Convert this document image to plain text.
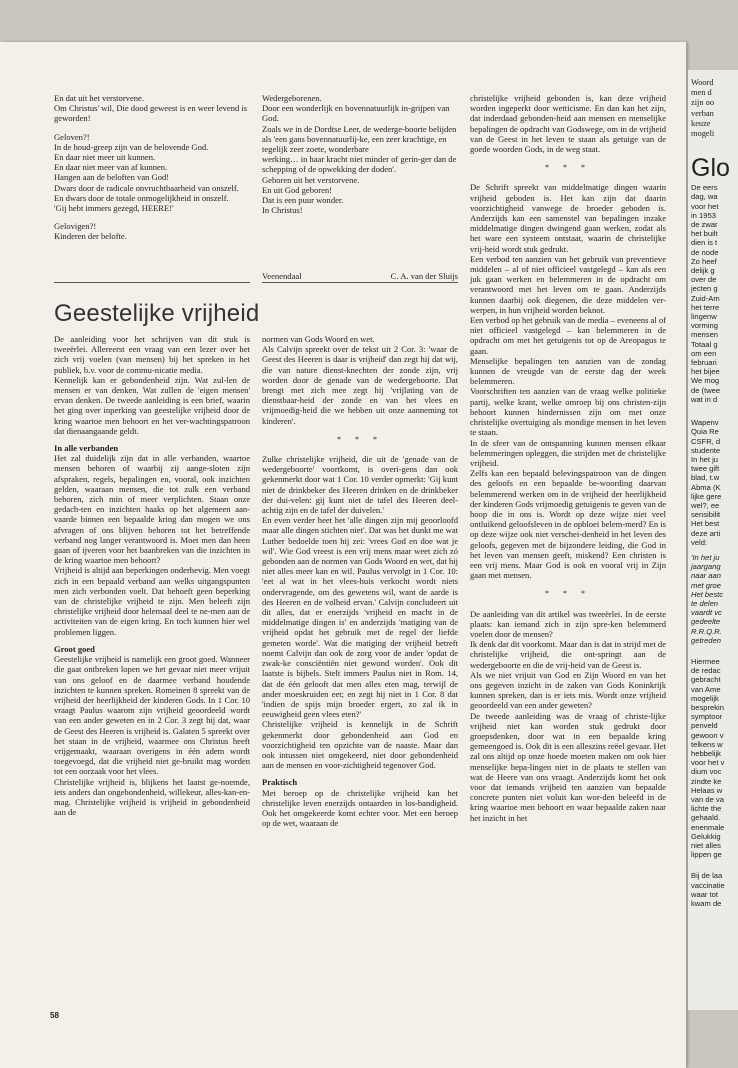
Woord

men d

zijn oo

verban

keuze

mogeli

Glo

De eers

dag, wa

voor het

in 1953

de zwar

het built

dien is t

de node

Zo heef

delijk g

over de

jecten g

Zuid-Am

het terre

lingenw

vorming

mensen

Totaal g

om een

februari

het bijee

We mog

de (twee

wat in d

Wapenv

Quia Re

CSFR, d

studente

In het ju

twee gift

blad, t.w

Abma (K

lijke gere

wel?, ee

sensibilit

Het best

deze arti

veld:

'In het ju

jaargang

naar aan

met groe

Het bestc

te delen

vaardt vc

gedeelte

R.R.Q.R.

getreden

Hiermee

de redac

gebracht

van Ame

mogelijk

besprekin

symptoor

penveld

gewoon v

telkens w

hebbelijk

voor het v

dium voc

zindte ke

Helaas w

van de va

lichte the

gehaald.

enenmale

Gelukkig

niet alles

lippen ge

Bij de laa

vaccinatie

waar tot

kwam de

En dat uit het verstorvene.

Om Christus' wil, Die dood geweest is en weer levend is geworden!

Geloven?!

In de houd-greep zijn van de belovende God.

En daar niet meer uit kunnen.

En daar niet meer van af kunnen.

Hangen aan de beloften van God!

Dwars door de radicale onvruchtbaarheid van onszelf.

En dwars door de totale onmogelijkheid in onszelf.

'Gij hebt immers gezegd, HEERE!'

Gelovigen?!

Kinderen der belofte.

Wedergeborenen.

Door een wonderlijk en bovennatuurlijk in-grijpen van God.

Zoals we in de Dordtse Leer, de wederge-boorte belijden als 'een gans bovennatuurlij-ke, een zeer krachtige, en tegelijk zeer zoete, wonderbare

werking… in haar kracht niet minder of gerin-ger dan de schepping of de opwekking der doden'.

Geboren uit het verstorvene.

En uit God geboren!

Dat is een puur wonder.

In Christus!

Veenendaal	C. A. van der Sluijs
Geestelijke vrijheid

De aanleiding voor het schrijven van dit stuk is tweeërlei. Allereerst een vraag van een lezer over het zich vrij voelen (van mensen) bij het spreken in het publiek, b.v. voor de commu-nicatie media.

Kennelijk kan er gebondenheid zijn. Wat zul-len de mensen er van denken. Wat zullen de 'eigen mensen' ervan denken. De tweede aanleiding is een brief, waarin het ging over inperking van geestelijke vrijheid door de kring waartoe men behoort en het ver-wachtingspatroon dat dienaangaande geldt.

In alle verbanden

Het zal duidelijk zijn dat in alle verbanden, waartoe mensen behoren of waarbij zij aange-sloten zijn afspraken, regels, bepalingen en, vooral, ook inzichten gelden, waaraan mensen, die tot zulk een verband behoren, zich min of meer verplichten. Staan onze gedach-ten en inzichten haaks op het algemeen aan-vaarde binnen een bepaalde kring dan mogen we ons afvragen of ons blijven behoren tot het betreffende verband nog langer verantwoord is. Moet men dan heen gaan of ijveren voor het baanbreken van die inzichten in de kring waartoe men behoort?

Vrijheid is altijd aan beperkingen onderhevig. Men voegt zich in een bepaald verband aan welks uitgangspunten men zich verbonden voelt. Dat behoeft geen beperking van de christelijke vrijheid te zijn. Men beleeft zijn christelijke vrijheid door helemaal deel te ne-men aan de activiteiten van de eigen kring. En toch kunnen hier wel problemen liggen.

Groot goed

Geestelijke vrijheid is namelijk een groot goed. Wanneer die gaat ontbreken lopen we het gevaar niet meer vrijuit van ons geloof en de daarmee verband houdende inzichten te kunnen spreken. Romeinen 8 spreekt van de vrijheid der heerlijkheid der kinderen Gods. In 1 Cor. 10 vraagt Paulus waarom zijn vrijheid geoordeeld wordt van een ander geweten en in 2 Cor. 3 zegt hij dat, waar de Geest des Heeren is vrijheid is. Galaten 5 spreekt over het staan in de vrijheid, waarmee ons Christus heeft vrijgemaakt, waaraan overigens in één adem wordt toegevoegd, dat die vrijheid niet ge-bruikt mag worden tot een oorzaak voor het vlees.

Christelijke vrijheid is, blijkens het laatst ge-noemde, iets anders dan ongebondenheid, willekeur, alles-kan-en-mag. Christelijke vrijheid is vrijheid in gebondenheid aan de

normen van Gods Woord en wet.

Als Calvijn spreekt over de tekst uit 2 Cor. 3: 'waar de Geest des Heeren is daar is vrijheid' dan zegt hij dat wij, die van nature dienst-knechten der zonde zijn, vrij worden door de genade van de wedergeboorte. Dat brengt met zich mee zegt hij 'vrijlating van de dienstbaar-heid der zonde en van het vlees en vrijmoedig-heid die we hebben uit onze aanneming tot kinderen'.

* * *

Zulke christelijke vrijheid, die uit de 'genade van de wedergeboorte' voortkomt, is overi-gens dan ook gekenmerkt door wat 1 Cor. 10 verder opmerkt: 'Gij kunt niet de drinkbeker des Heeren drinken en de drinkbeker der dui-velen: gij kunt niet de tafel des Heeren deel-achtig zijn en de tafel der duivelen.'

En even verder heet het 'alle dingen zijn mij geoorloofd maar alle dingen stichten niet'. Dat was het dunkt me wat Luther bedoelde toen hij zei: 'vrees God en doe wat je wil'. Wie God vreest is een vrij mens maar weet zich zó gebonden aan de normen van Gods Woord en wet, dat hij niet alles meer kan en wil. Paulus vervolgt in 1 Cor. 10: 'eet al wat in het vlees-huis verkocht wordt niets ondervragende, om des gewetens wil, want de aarde is des Heeren en de volheid ervan.' Calvijn concludeert uit dit alles, dat er enerzijds 'vrijheid en macht in de middelmatige dingen is' en anderzijds 'matiging van de vrijheid opdat het gebruik met de regel der liefde gemeten worde'. Wat die matiging der vrijheid betreft noemt Calvijn dan ook de zorg voor de ander 'opdat de zwak-ke consciëntiën niet gewond worden'. Ook dit laatste is bijbels. Stelt immers Paulus niet in Rom. 14, dat de één gelooft dat men alles eten mag, terwijl de ander moeskruiden eet; en zegt hij niet in 1 Cor. 8 dat 'indien de spijs mijn broeder ergert, zo zal ik in eeuwigheid geen vlees eten?'

Christelijke vrijheid is kennelijk in de Schrift gekenmerkt door gebondenheid aan God en voorzichtigheid ten opzichte van de naaste. Maar dan ook intussen niet omgekeerd, niet door gebondenheid aan de mensen en voor-zichtigheid tegenover God.

Praktisch

Met beroep op de christelijke vrijheid kan het christelijke leven enerzijds ontaarden in los-bandigheid. Ook het omgekeerde komt echter voor. Met een beroep op de wet, waaraan de

christelijke vrijheid gebonden is, kan deze vrijheid worden ingeperkt door wetticisme. En dan kan het zijn, dat inderdaad gebonden-heid aan mensen en menselijke bepalingen de opdracht van Godswege, om in de vrijheid van de Geest in het leven te staan als getuige van de goede woorden Gods, in de weg staat.

* * *

De Schrift spreekt van middelmatige dingen waarin vrijheid geboden is. Het kan zijn dat daarin voorzichtigheid vanwege de broeder geboden is. Anderzijds kan een samenstel van bepalingen inzake middelmatige dingen dwingend gaan werken, zodat als het ware een systeem ontstaat, waarin de christelijke vrij-heid wordt stuk gedrukt.

Een verbod ten aanzien van het gebruik van preventieve middelen – al of niet officieel vastgelegd – kan als een juk gaan werken en belemmeren in de opdracht om verantwoord met het leven om te gaan. Anderzijds kunnen daarbij ook diegenen, die deze middelen ver-werpen, in hun vrijheid worden beknot.

Een verbod op het gebruik van de media – eveneens al of niet officieel vastgelegd – kan belemmeren in de opdracht om met het getuigenis tot op de Areopagus te gaan.

Menselijke bepalingen ten aanzien van de zondag kunnen de vreugde van de eerste dag der week belemmeren.

Voorschriften ten aanzien van de vraag welke politieke partij, welke krant, welke omroep bij ons christen-zijn behoort kunnen hindernissen zijn om met onze christelijke overtuiging als mondige mensen in het leven te staan.

In de sfeer van de ontspanning kunnen mensen elkaar belemmeringen opleggen, die strijden met de christelijke vrijheid.

Zelfs kan een bepaald belevingspatroon van de dingen des geloofs en een bepaalde be-woording daarvan belemmerend werken om in de vrijheid der heerlijkheid der kinderen Gods vrijmoedig getuigenis te geven van de hoop die in ons is. Wordt op deze wijze niet veel ontluikend geloofsleven in de opbloei belem-merd? En is op deze wijze ook niet verschei-denheid in het leven des geloofs, gegeven met de bijzondere leiding, die God in het leven van mensen geeft, miskend? Een christen is een vrij mens. Maar God is ook en vooral vrij in Zijn gaan met mensen.

* * *

De aanleiding van dit artikel was tweeërlei. In de eerste plaats: kan iemand zich in zijn spre-ken belemmerd voelen door de mensen?

Ik denk dat dit voorkomt. Maar dan is dat in strijd met de christelijke vrijheid, die ont-springt aan de wedergeboorte en die de vrij-heid van de Geest is.

Als we niet vrijuit van God en Zijn Woord en van het ons gegeven inzicht in de zaken van Gods Koninkrijk kunnen spreken, dan is er iets mis. Wordt onze vrijheid geoordeeld van een ander geweten?

De tweede aanleiding was de vraag of christe-lijke vrijheid niet kan worden stuk gedrukt door groepsdenken, door wat in een bepaalde kring gemeengoed is. Ook dit is een alleszins reëel gevaar. Het zal ons altijd op onze hoede moeten maken om ook hier menselijke bepa-lingen niet in de plaats te stellen van wat de Heere van ons vraagt. Anderzijds komt het ook voor dat iemands vrijheid ten aanzien van bepaalde concrete punten niet voluit kan wor-den beleefd in de kring waartoe men behoort en waar bepaalde zaken naar het inzicht in het

58
